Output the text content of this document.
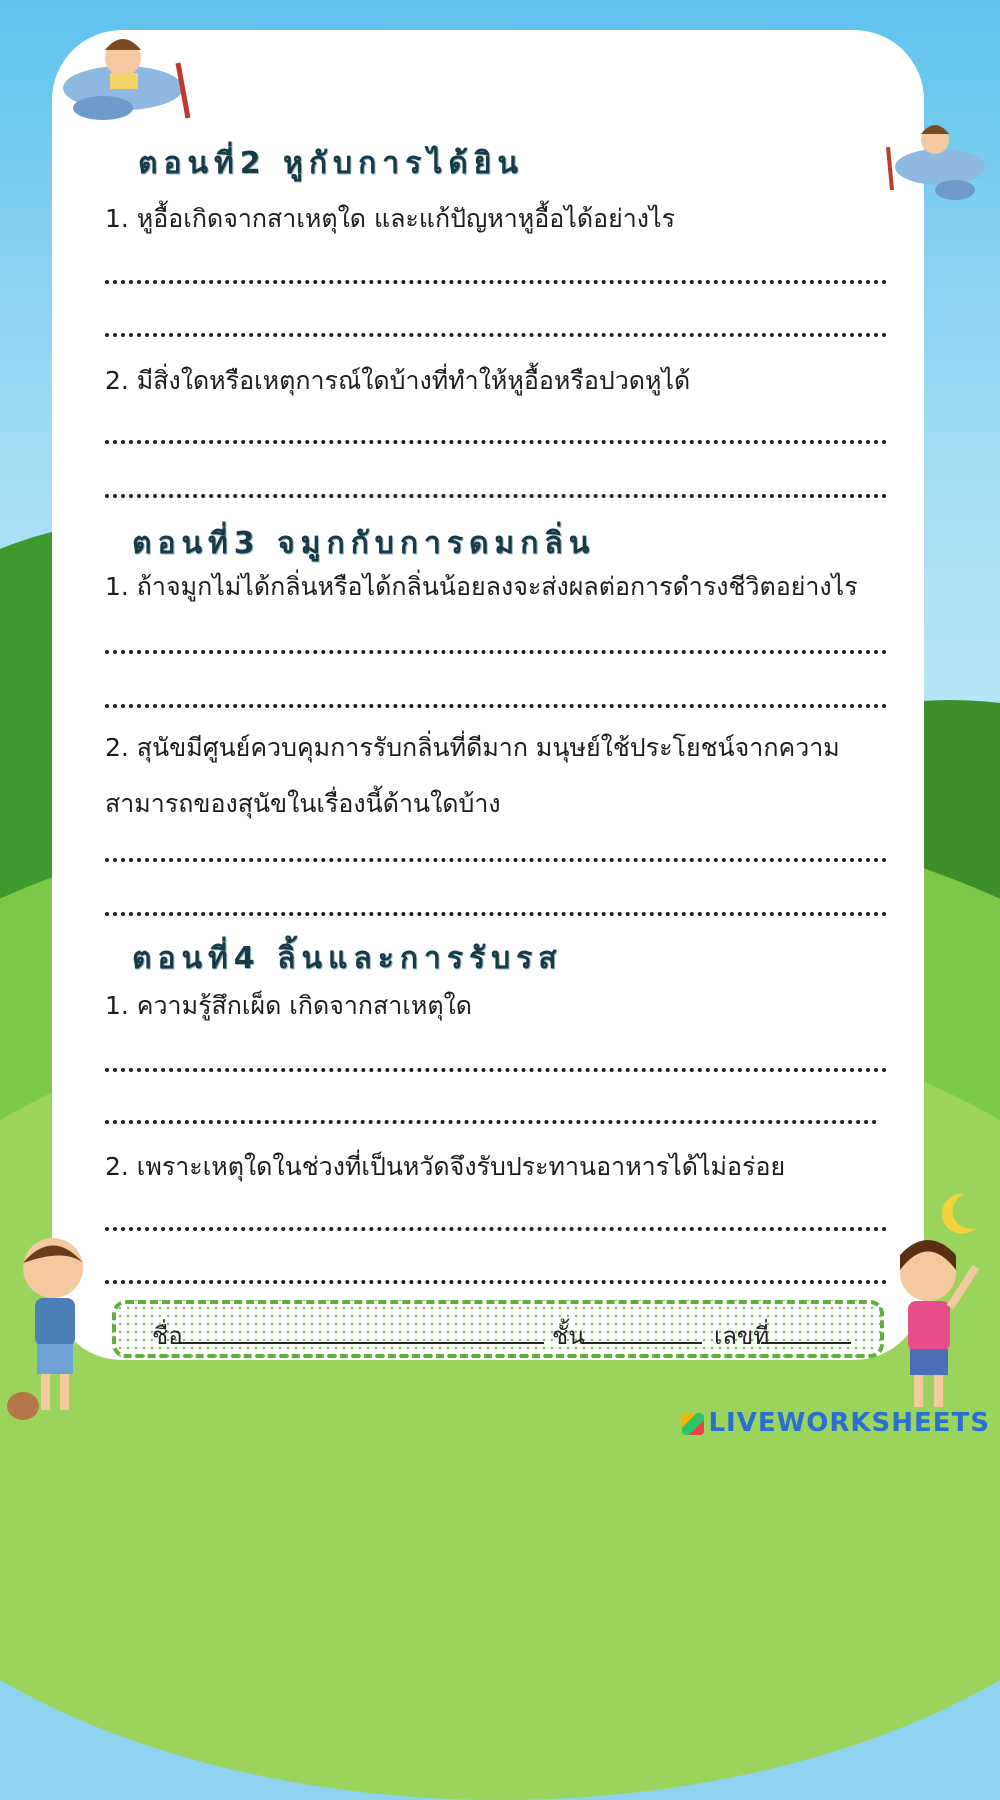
ตอนที่2 หูกับการได้ยิน
1. หูอื้อเกิดจากสาเหตุใด และแก้ปัญหาหูอื้อได้อย่างไร
2. มีสิ่งใดหรือเหตุการณ์ใดบ้างที่ทำให้หูอื้อหรือปวดหูได้
ตอนที่3 จมูกกับการดมกลิ่น
1. ถ้าจมูกไม่ได้กลิ่นหรือได้กลิ่นน้อยลงจะส่งผลต่อการดำรงชีวิตอย่างไร
2. สุนัขมีศูนย์ควบคุมการรับกลิ่นที่ดีมาก มนุษย์ใช้ประโยชน์จากความสามารถของสุนัขในเรื่องนี้ด้านใดบ้าง
ตอนที่4 ลิ้นและการรับรส
1. ความรู้สึกเผ็ด เกิดจากสาเหตุใด
2. เพราะเหตุใดในช่วงที่เป็นหวัดจึงรับประทานอาหารได้ไม่อร่อย
ชื่อ	ชั้น	เลขที่
LIVEWORKSHEETS
